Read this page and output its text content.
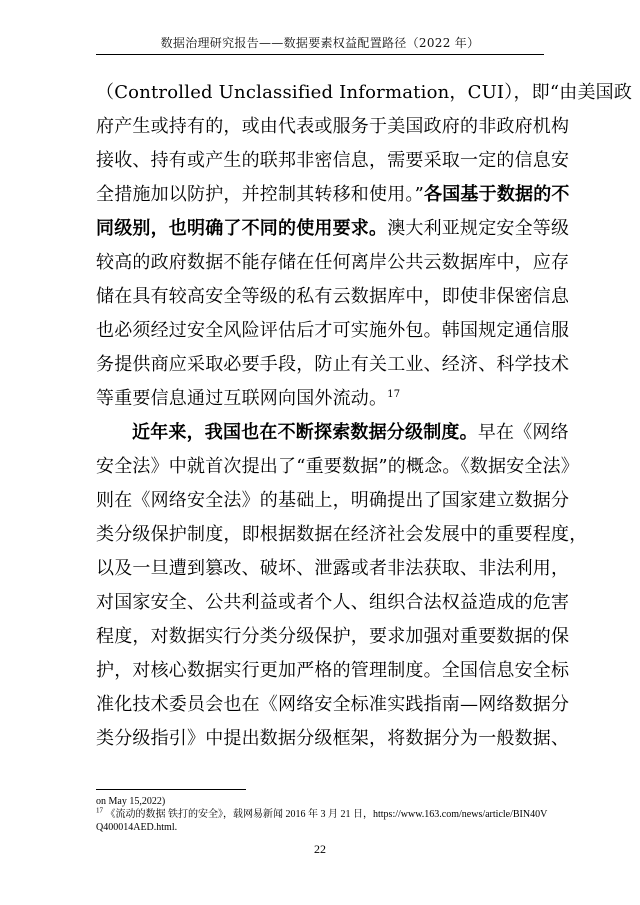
数据治理研究报告——数据要素权益配置路径（2022 年）
（Controlled Unclassified Information，CUI），即“由美国政
府产生或持有的，或由代表或服务于美国政府的非政府机构
接收、持有或产生的联邦非密信息，需要采取一定的信息安
全措施加以防护，并控制其转移和使用。”各国基于数据的不
同级别，也明确了不同的使用要求。澳大利亚规定安全等级
较高的政府数据不能存储在任何离岸公共云数据库中，应存
储在具有较高安全等级的私有云数据库中，即使非保密信息
也必须经过安全风险评估后才可实施外包。韩国规定通信服
务提供商应采取必要手段，防止有关工业、经济、科学技术
等重要信息通过互联网向国外流动。$^{17}$
近年来，我国也在不断探索数据分级制度。早在《网络
安全法》中就首次提出了“重要数据”的概念。《数据安全法》
则在《网络安全法》的基础上，明确提出了国家建立数据分
类分级保护制度，即根据数据在经济社会发展中的重要程度，
以及一旦遭到篡改、破坏、泄露或者非法获取、非法利用，
对国家安全、公共利益或者个人、组织合法权益造成的危害
程度，对数据实行分类分级保护，要求加强对重要数据的保
护，对核心数据实行更加严格的管理制度。全国信息安全标
准化技术委员会也在《网络安全标准实践指南—网络数据分
类分级指引》中提出数据分级框架，将数据分为一般数据、
on May 15,2022)
$^{17}$ 《流动的数据 铁打的安全》，载网易新闻 2016 年 3 月 21 日，https://www.163.com/news/article/BIN40V
Q400014AED.html.
22
